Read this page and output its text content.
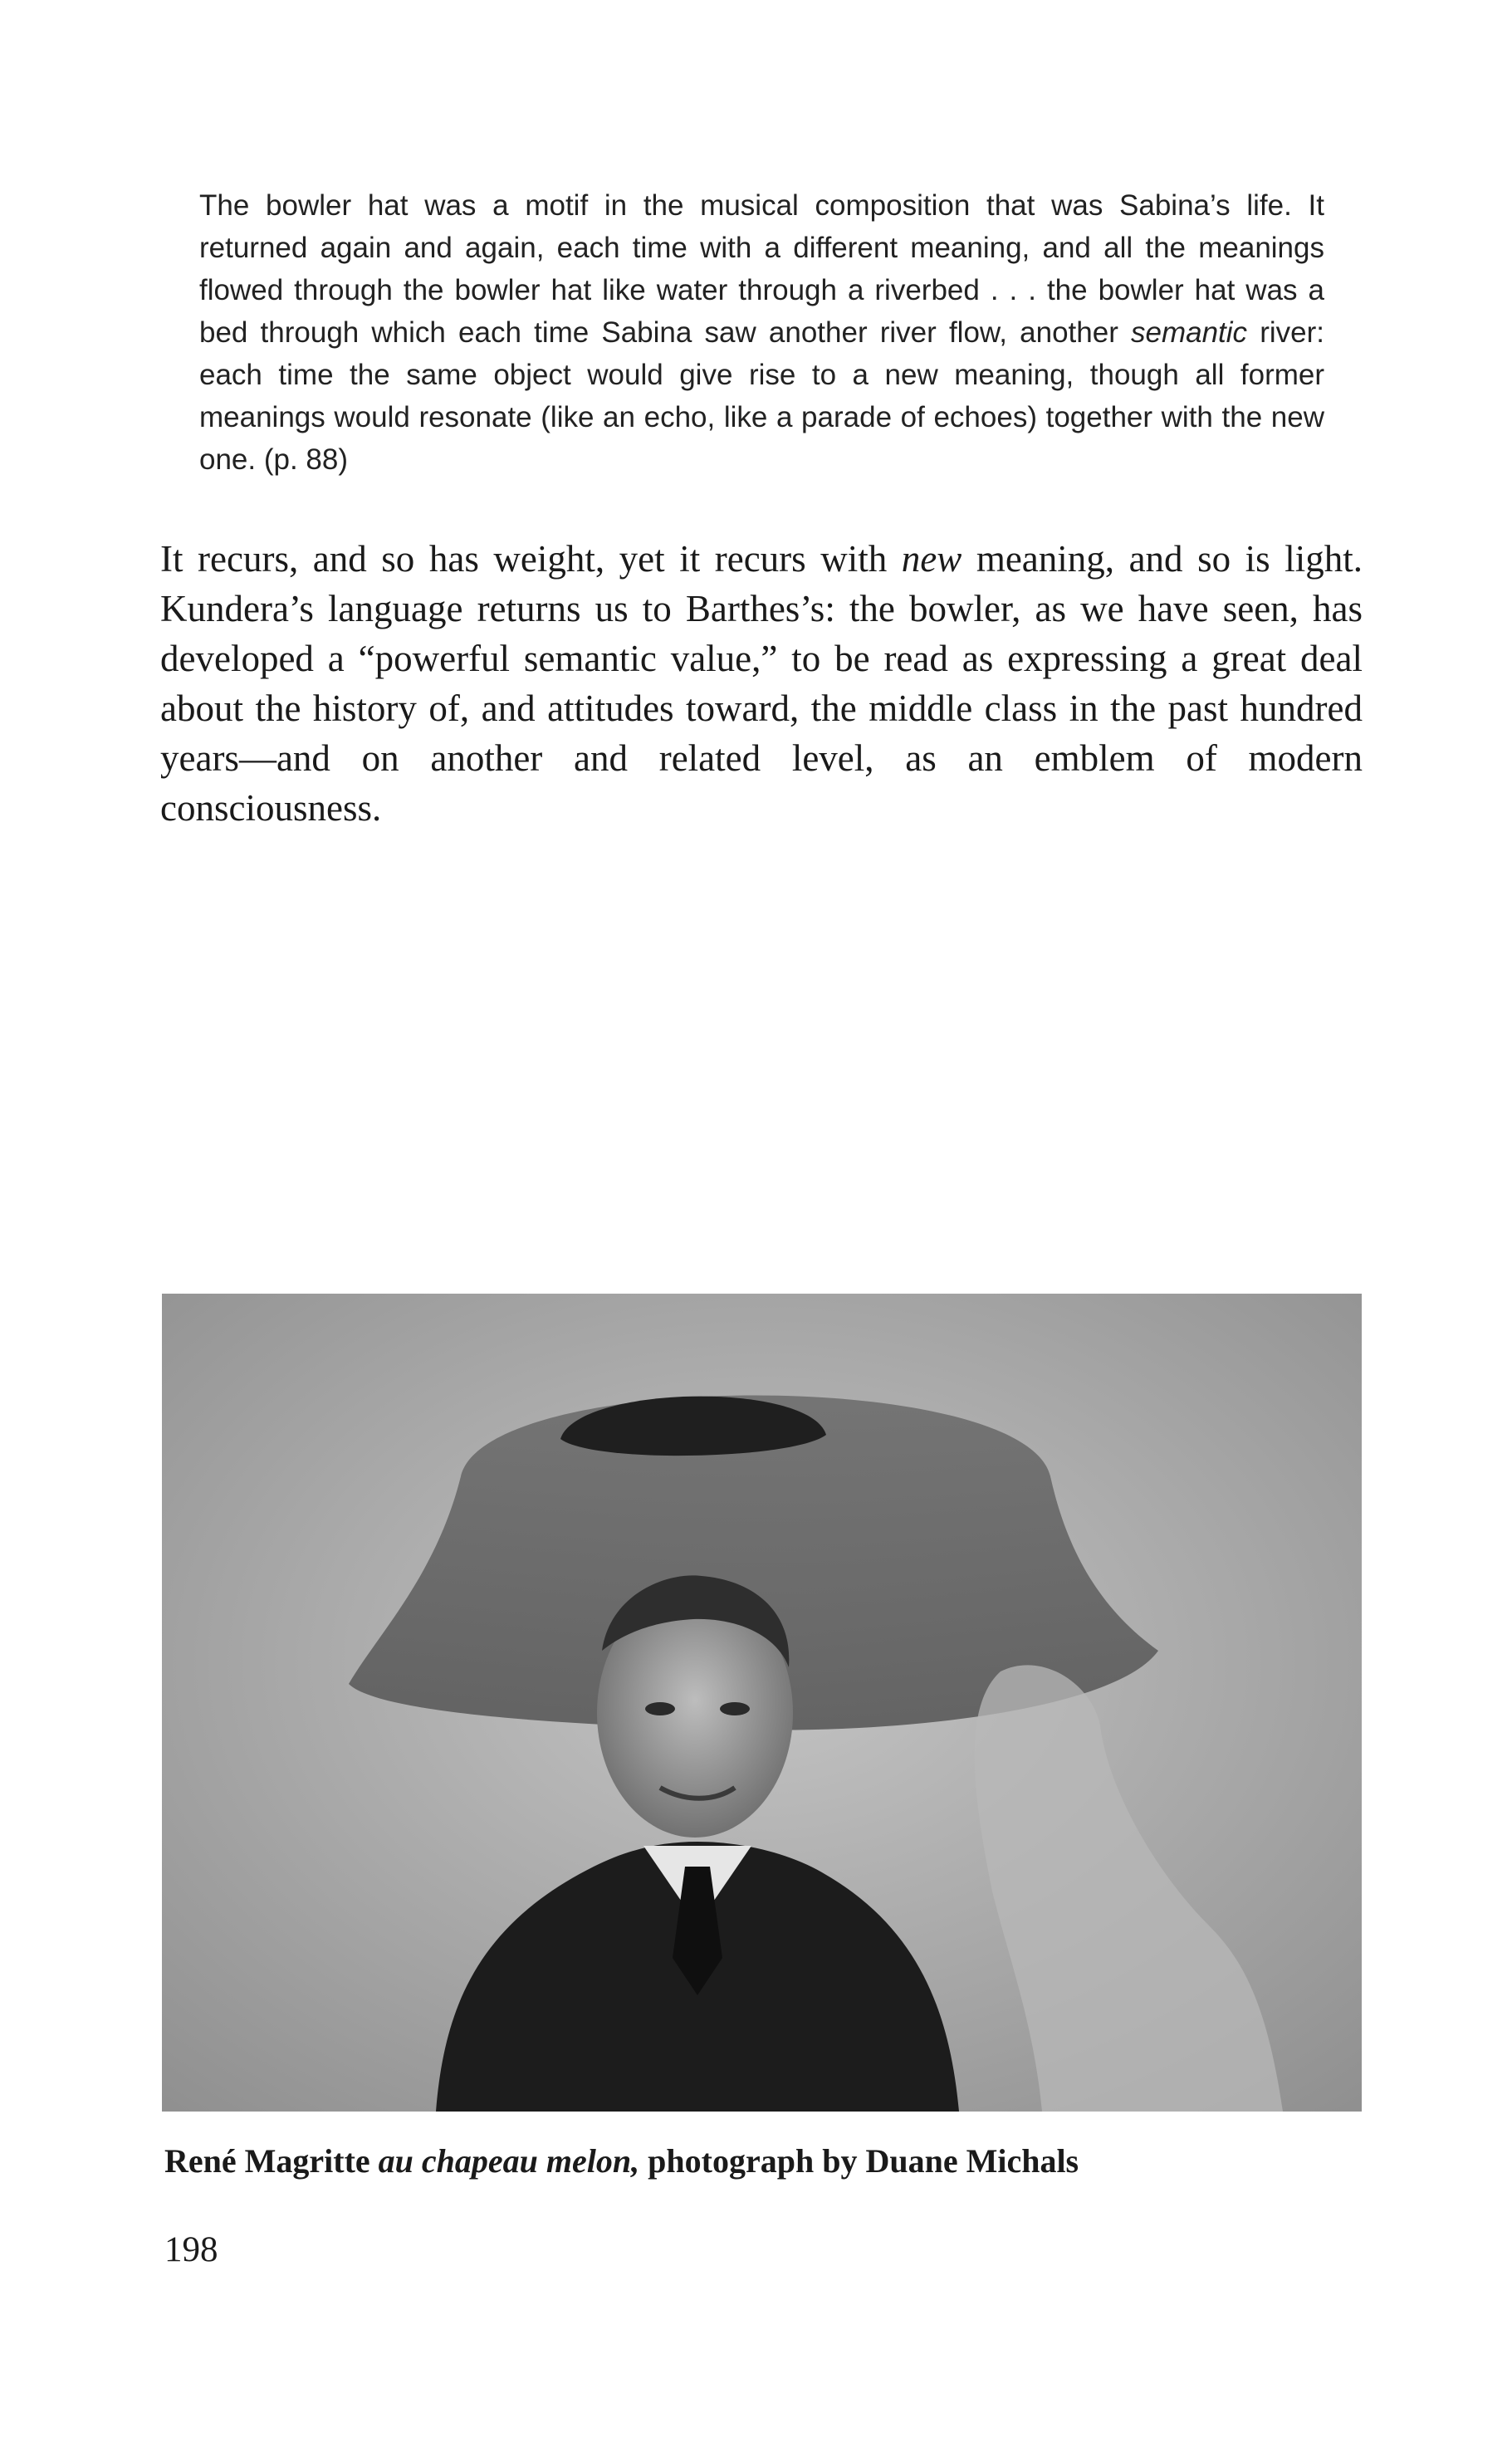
The bowler hat was a motif in the musical composition that was Sabina’s life. It returned again and again, each time with a different meaning, and all the meanings flowed through the bowler hat like water through a riverbed . . . the bowler hat was a bed through which each time Sabina saw another river flow, another semantic river: each time the same object would give rise to a new meaning, though all former meanings would resonate (like an echo, like a parade of echoes) together with the new one. (p. 88)

It recurs, and so has weight, yet it recurs with new meaning, and so is light. Kundera’s language returns us to Barthes’s: the bowler, as we have seen, has developed a “powerful semantic value,” to be read as expressing a great deal about the history of, and attitudes toward, the middle class in the past hundred years—and on another and related level, as an emblem of modern consciousness.

René Magritte au chapeau melon, photograph by Duane Michals

198
